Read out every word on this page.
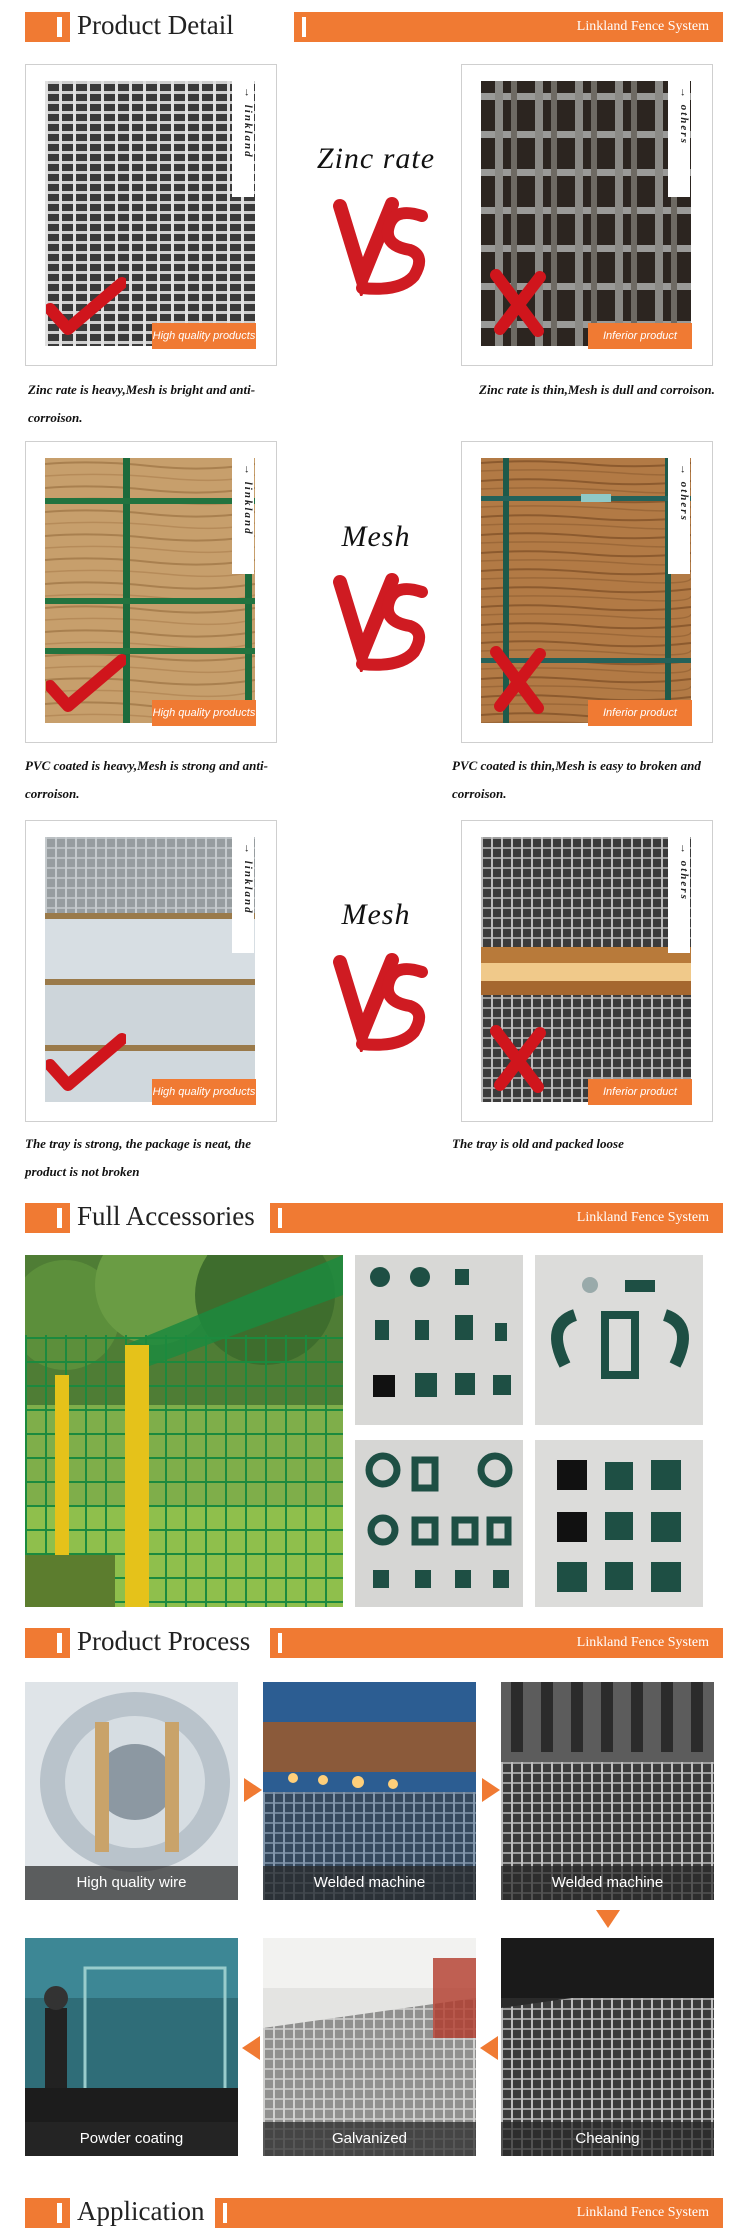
Product Detail	Linkland Fence System
→ linkland
High quality products
Zinc rate
→ others
Inferior product
Zinc rate is heavy,Mesh is bright and anti-corroison.
Zinc rate is thin,Mesh is dull and corroison.
→ linkland
High quality products
Mesh
→ others
Inferior product
PVC coated is heavy,Mesh is strong and anti-corroison.
PVC coated is thin,Mesh is easy to broken and corroison.
→ linkland
High quality products
Mesh
→ others
Inferior product
The tray is strong, the package is neat, the product is not broken
The tray is old and packed loose
Full Accessories	Linkland Fence System
Product Process	Linkland Fence System
High quality wire	Welded machine	Welded machine
Powder coating	Galvanized	Cheaning
Application	Linkland Fence System
